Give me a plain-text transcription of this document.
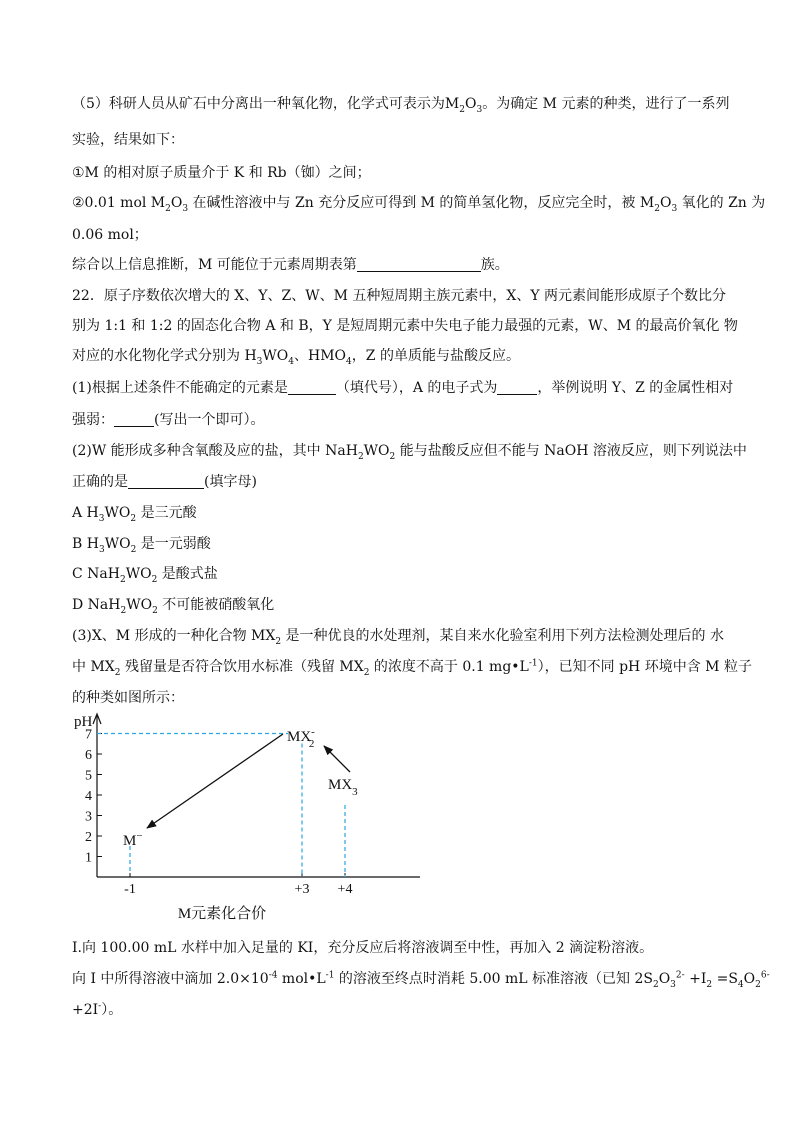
（5）科研人员从矿石中分离出一种氧化物，化学式可表示为$M_2O_3$。为确定 M 元素的种类，进行了一系列
实验，结果如下：
①M 的相对原子质量介于 K 和 Rb（铷）之间；
②0.01 mol $M_2O_3$ 在碱性溶液中与 Zn 充分反应可得到 M 的简单氢化物，反应完全时，被 $M_2O_3$ 氧化的 Zn 为
0.06 mol；
综合以上信息推断，M 可能位于元素周期表第	族。
22．原子序数依次增大的 X、Y、Z、W、M 五种短周期主族元素中，X、Y 两元素间能形成原子个数比分
别为 1:1 和 1:2 的固态化合物 A 和 B，Y 是短周期元素中失电子能力最强的元素，W、M 的最高价氧化 物
对应的水化物化学式分别为 $H_3WO_4$、$HMO_4$，Z 的单质能与盐酸反应。
(1)根据上述条件不能确定的元素是	（填代号），A 的电子式为	，举例说明 Y、Z 的金属性相对
强弱：	(写出一个即可）。
(2)W 能形成多种含氧酸及应的盐，其中 $NaH_2WO_2$ 能与盐酸反应但不能与 NaOH 溶液反应，则下列说法中
正确的是	(填字母)
A $H_3WO_2$ 是三元酸
B $H_3WO_2$ 是一元弱酸
C $NaH_2WO_2$ 是酸式盐
D $NaH_2WO_2$ 不可能被硝酸氧化
(3)X、M 形成的一种化合物 $MX_2$ 是一种优良的水处理剂，某自来水化验室利用下列方法检测处理后的 水
中 $MX_2$ 残留量是否符合饮用水标准（残留 $MX_2$ 的浓度不高于 0.1 $mg•L^{-1}$），已知不同 pH 环境中含 M 粒子
的种类如图所示：
pH
1
2
3
4
5
6
7
-1	+3 +4
M元素化合价
M−
MX-2
$MX_3$
I.向 100.00 mL 水样中加入足量的 KI，充分反应后将溶液调至中性，再加入 2 滴淀粉溶液。
向 I 中所得溶液中滴加 $2.0\times 10^{-4}$ $mol•L^{-1}$ 的溶液至终点时消耗 5.00 mL 标准溶液（已知 $2S_2O_3^{2-} +I_2 =S_4O_2^{6-}$
+2I-）。
